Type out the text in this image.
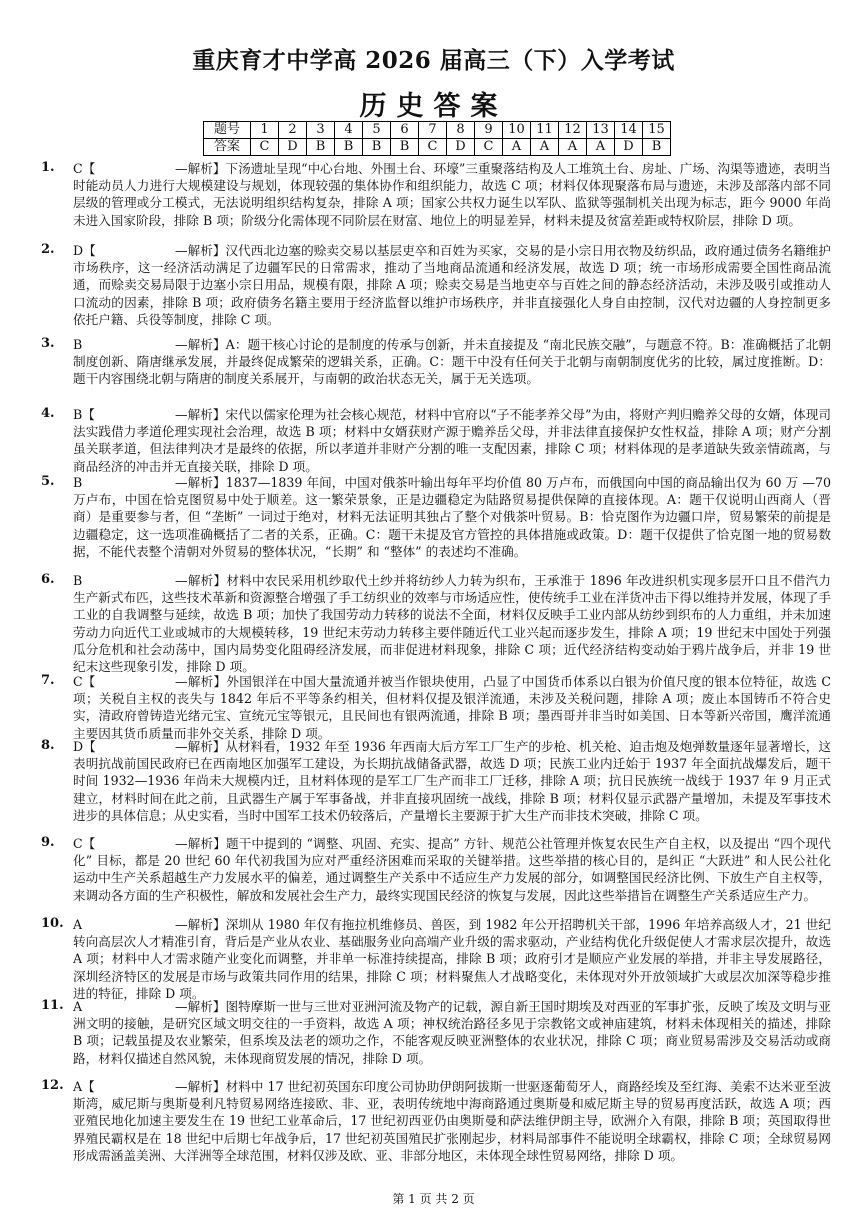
重庆育才中学高 2026 届高三（下）入学考试
历史答案
题号	1	2	3	4	5	6	7	8	9	10	11	12	13	14	15
答案	C	D	B	B	B	B	C	D	C	A	A	A	A	D	B
1. C【	—解析】下汤遗址呈现“中心台地、外围土台、环壕”三重聚落结构及人工堆筑土台、房址、广场、沟渠等遗迹，表明当时能动员人力进行大规模建设与规划，体现较强的集体协作和组织能力，故选 C 项；材料仅体现聚落布局与遗迹，未涉及部落内部不同层级的管理或分工模式，无法说明组织结构复杂，排除 A 项；国家公共权力诞生以军队、监狱等强制机关出现为标志，距今 9000 年尚未进入国家阶段，排除 B 项；阶级分化需体现不同阶层在财富、地位上的明显差异，材料未提及贫富差距或特权阶层，排除 D 项。
2. D【	—解析】汉代西北边塞的赊卖交易以基层吏卒和百姓为买家，交易的是小宗日用衣物及纺织品，政府通过债务名籍维护市场秩序，这一经济活动满足了边疆军民的日常需求，推动了当地商品流通和经济发展，故选 D 项；统一市场形成需要全国性商品流通，而赊卖交易局限于边塞小宗日用品，规模有限，排除 A 项；赊卖交易是当地吏卒与百姓之间的静态经济活动，未涉及吸引或推动人口流动的因素，排除 B 项；政府债务名籍主要用于经济监督以维护市场秩序，并非直接强化人身自由控制，汉代对边疆的人身控制更多依托户籍、兵役等制度，排除 C 项。
3. B	—解析】A：题干核心讨论的是制度的传承与创新，并未直接提及 “南北民族交融”，与题意不符。B：准确概括了北朝制度创新、隋唐继承发展，并最终促成繁荣的逻辑关系，正确。C：题干中没有任何关于北朝与南朝制度优劣的比较，属过度推断。D：题干内容围绕北朝与隋唐的制度关系展开，与南朝的政治状态无关，属于无关选项。
4. B【	—解析】宋代以儒家伦理为社会核心规范，材料中官府以“子不能孝养父母”为由，将财产判归赡养父母的女婿，体现司法实践借力孝道伦理实现社会治理，故选 B 项；材料中女婿获财产源于赡养岳父母，并非法律直接保护女性权益，排除 A 项；财产分割虽关联孝道，但法律判决才是最终的依据，所以孝道并非财产分割的唯一支配因素，排除 C 项；材料体现的是孝道缺失致亲情疏离，与商品经济的冲击并无直接关联，排除 D 项。
5. B	—解析】1837—1839 年间，中国对俄茶叶输出每年平均价值 80 万卢布，而俄国向中国的商品输出仅为 60 万 —70 万卢布，中国在恰克图贸易中处于顺差。这一繁荣景象，正是边疆稳定为陆路贸易提供保障的直接体现。A：题干仅说明山西商人（晋商）是重要参与者，但 “垄断” 一词过于绝对，材料无法证明其独占了整个对俄茶叶贸易。B：恰克图作为边疆口岸，贸易繁荣的前提是边疆稳定，这一选项准确概括了二者的关系，正确。C：题干未提及官方管控的具体措施或政策。D：题干仅提供了恰克图一地的贸易数据，不能代表整个清朝对外贸易的整体状况，“长期” 和 “整体” 的表述均不准确。
6. B	—解析】材料中农民采用机纱取代土纱并将纺纱人力转为织布，王承淮于 1896 年改进织机实现多层开口且不借汽力生产新式布匹，这些技术革新和资源整合增强了手工纺织业的效率与市场适应性，使传统手工业在洋货冲击下得以维持并发展，体现了手工业的自我调整与延续，故选 B 项；加快了我国劳动力转移的说法不全面，材料仅反映手工业内部从纺纱到织布的人力重组，并未加速劳动力向近代工业或城市的大规模转移，19 世纪末劳动力转移主要伴随近代工业兴起而逐步发生，排除 A 项；19 世纪末中国处于列强瓜分危机和社会动荡中，国内局势变化阻碍经济发展，而非促进材料现象，排除 C 项；近代经济结构变动始于鸦片战争后，并非 19 世纪末这些现象引发，排除 D 项。
7. C【	—解析】外国银洋在中国大量流通并被当作银块使用，凸显了中国货币体系以白银为价值尺度的银本位特征，故选 C 项；关税自主权的丧失与 1842 年后不平等条约相关，但材料仅提及银洋流通，未涉及关税问题，排除 A 项；废止本国铸币不符合史实，清政府曾铸造光绪元宝、宣统元宝等银元，且民间也有银两流通，排除 B 项；墨西哥并非当时如美国、日本等新兴帝国，鹰洋流通主要因其货币质量而非外交关系，排除 D 项。
8. D【	—解析】从材料看，1932 年至 1936 年西南大后方军工厂生产的步枪、机关枪、迫击炮及炮弹数量逐年显著增长，这表明抗战前国民政府已在西南地区加强军工建设，为长期抗战储备武器，故选 D 项；民族工业内迁始于 1937 年全面抗战爆发后，题干时间 1932—1936 年尚未大规模内迁，且材料体现的是军工厂生产而非工厂迁移，排除 A 项；抗日民族统一战线于 1937 年 9 月正式建立，材料时间在此之前，且武器生产属于军事备战，并非直接巩固统一战线，排除 B 项；材料仅显示武器产量增加，未提及军事技术进步的具体信息；从史实看，当时中国军工技术仍较落后，产量增长主要源于扩大生产而非技术突破，排除 C 项。
9. C【	—解析】题干中提到的 “调整、巩固、充实、提高” 方针、规范公社管理并恢复农民生产自主权，以及提出 “四个现代化” 目标，都是 20 世纪 60 年代初我国为应对严重经济困难而采取的关键举措。这些举措的核心目的，是纠正 “大跃进” 和人民公社化运动中生产关系超越生产力发展水平的偏差，通过调整生产关系中不适应生产力发展的部分，如调整国民经济比例、下放生产自主权等，来调动各方面的生产积极性，解放和发展社会生产力，最终实现国民经济的恢复与发展，因此这些举措旨在调整生产关系适应生产力。
10. A	—解析】深圳从 1980 年仅有拖拉机维修员、兽医，到 1982 年公开招聘机关干部，1996 年培养高级人才，21 世纪转向高层次人才精准引育，背后是产业从农业、基础服务业向高端产业升级的需求驱动，产业结构优化升级促使人才需求层次提升，故选 A 项；材料中人才需求随产业变化而调整，并非单一标准持续提高，排除 B 项；政府引才是顺应产业发展的举措，并非主导发展路径，深圳经济特区的发展是市场与政策共同作用的结果，排除 C 项；材料聚焦人才战略变化，未体现对外开放领域扩大或层次加深等稳步推进的特征，排除 D 项。
11. A	—解析】图特摩斯一世与三世对亚洲河流及物产的记载，源自新王国时期埃及对西亚的军事扩张，反映了埃及文明与亚洲文明的接触，是研究区域文明交往的一手资料，故选 A 项；神权统治路径多见于宗教铭文或神庙建筑，材料未体现相关的描述，排除 B 项；记载虽提及农业繁荣，但系埃及法老的颂功之作，不能客观反映亚洲整体的农业状况，排除 C 项；商业贸易需涉及交易活动或商路，材料仅描述自然风貌，未体现商贸发展的情况，排除 D 项。
12. A【	—解析】材料中 17 世纪初英国东印度公司协助伊朗阿拔斯一世驱逐葡萄牙人，商路经埃及至红海、美索不达米亚至波斯湾，威尼斯与奥斯曼利凡特贸易网络连接欧、非、亚，表明传统地中海商路通过奥斯曼和威尼斯主导的贸易再度活跃，故选 A 项；西亚殖民地化加速主要发生在 19 世纪工业革命后，17 世纪初西亚仍由奥斯曼和萨法维伊朗主导，欧洲介入有限，排除 B 项；英国取得世界殖民霸权是在 18 世纪中后期七年战争后，17 世纪初英国殖民扩张刚起步，材料局部事件不能说明全球霸权，排除 C 项；全球贸易网形成需涵盖美洲、大洋洲等全球范围，材料仅涉及欧、亚、非部分地区，未体现全球性贸易网络，排除 D 项。
第 1 页 共 2 页
